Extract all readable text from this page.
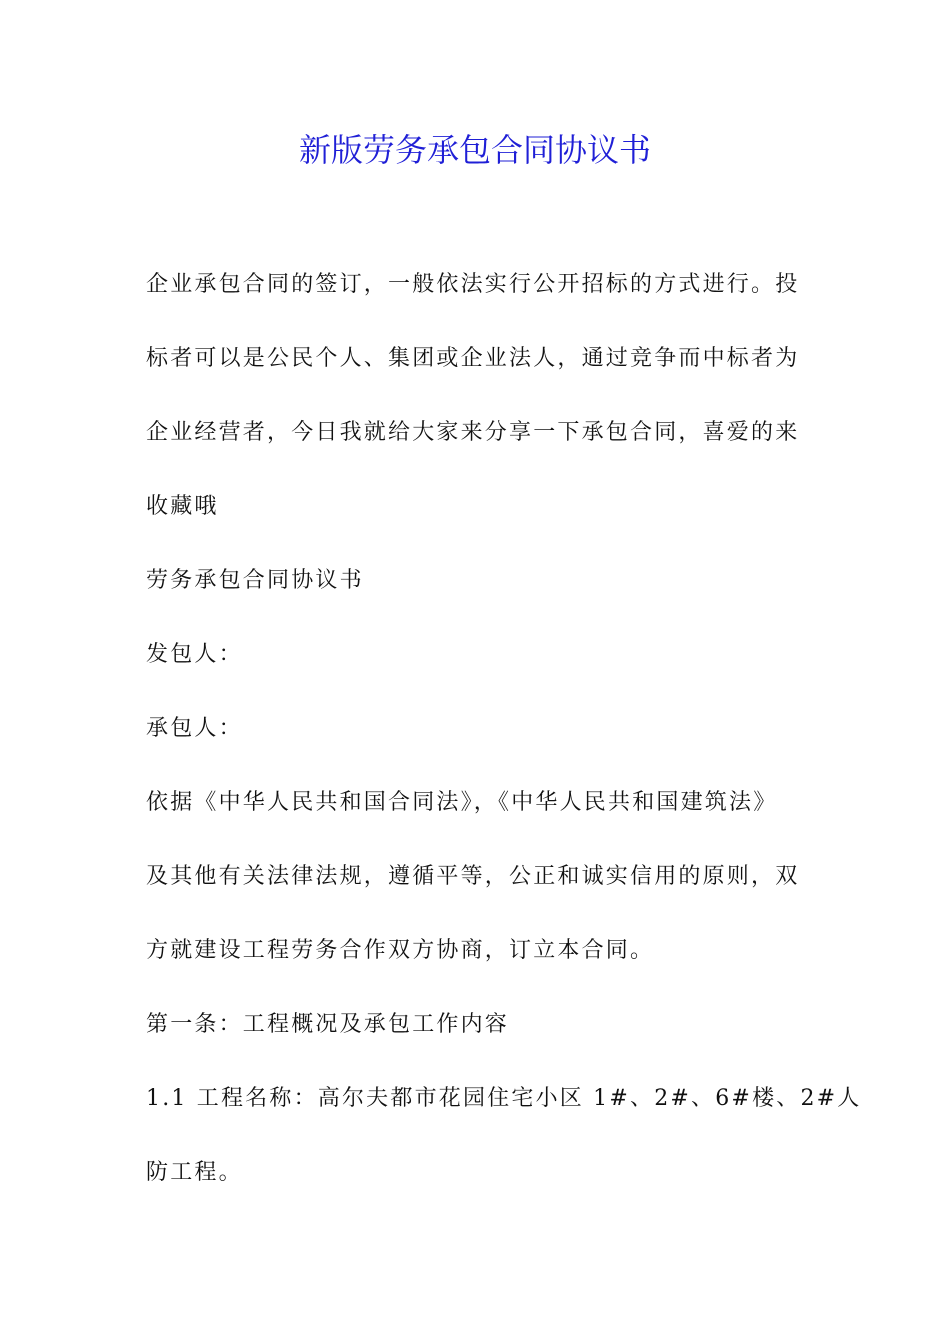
新版劳务承包合同协议书
企业承包合同的签订，一般依法实行公开招标的方式进行。投
标者可以是公民个人、集团或企业法人，通过竞争而中标者为
企业经营者，今日我就给大家来分享一下承包合同，喜爱的来
收藏哦
劳务承包合同协议书
发包人：
承包人：
依据《中华人民共和国合同法》，《中华人民共和国建筑法》
及其他有关法律法规，遵循平等，公正和诚实信用的原则，双
方就建设工程劳务合作双方协商，订立本合同。
第一条：工程概况及承包工作内容
1.1 工程名称：高尔夫都市花园住宅小区 1#、2#、6#楼、2#人
防工程。
